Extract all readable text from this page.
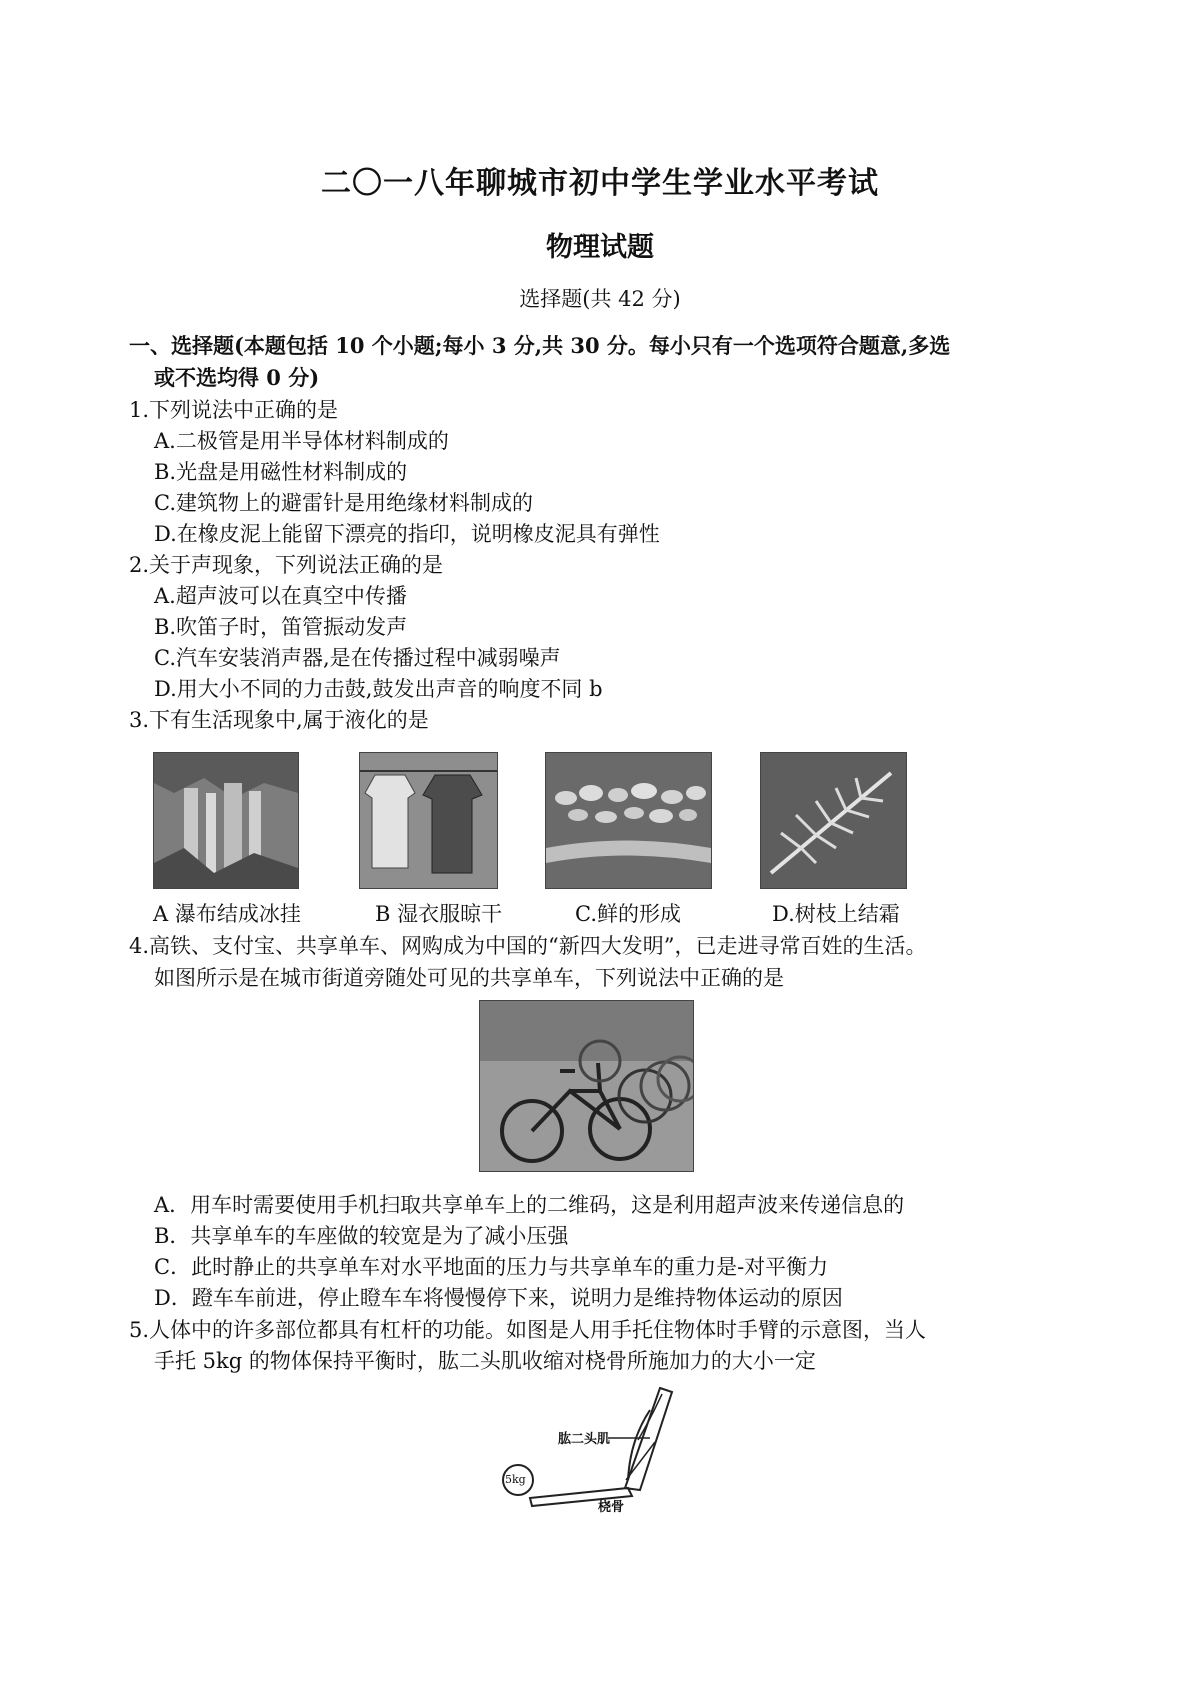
二〇一八年聊城市初中学生学业水平考试
物理试题
选择题(共 42 分)
一、选择题(本题包括 10 个小题;每小 3 分,共 30 分。每小只有一个选项符合题意,多选
或不选均得 0 分)
1.下列说法中正确的是
A.二极管是用半导体材料制成的
B.光盘是用磁性材料制成的
C.建筑物上的避雷针是用绝缘材料制成的
D.在橡皮泥上能留下漂亮的指印，说明橡皮泥具有弹性
2.关于声现象，下列说法正确的是
A.超声波可以在真空中传播
B.吹笛子时，笛管振动发声
C.汽车安装消声器,是在传播过程中减弱噪声
D.用大小不同的力击鼓,鼓发出声音的响度不同 b
3.下有生活现象中,属于液化的是
A 瀑布结成冰挂	B 湿衣服晾干	C.鲜的形成	D.树枝上结霜
4.高铁、支付宝、共享单车、网购成为中国的“新四大发明”，已走进寻常百姓的生活。
如图所示是在城市街道旁随处可见的共享单车，下列说法中正确的是
A．用车时需要使用手机扫取共享单车上的二维码，这是利用超声波来传递信息的
B．共享单车的车座做的较宽是为了减小压强
C．此时静止的共享单车对水平地面的压力与共享单车的重力是-对平衡力
D．蹬车车前进，停止瞪车车将慢慢停下来，说明力是维持物体运动的原因
5.人体中的许多部位都具有杠杆的功能。如图是人用手托住物体时手臂的示意图，当人
手托 5kg 的物体保持平衡时，肱二头肌收缩对桡骨所施加力的大小一定
肱二头肌
桡骨
5kg
